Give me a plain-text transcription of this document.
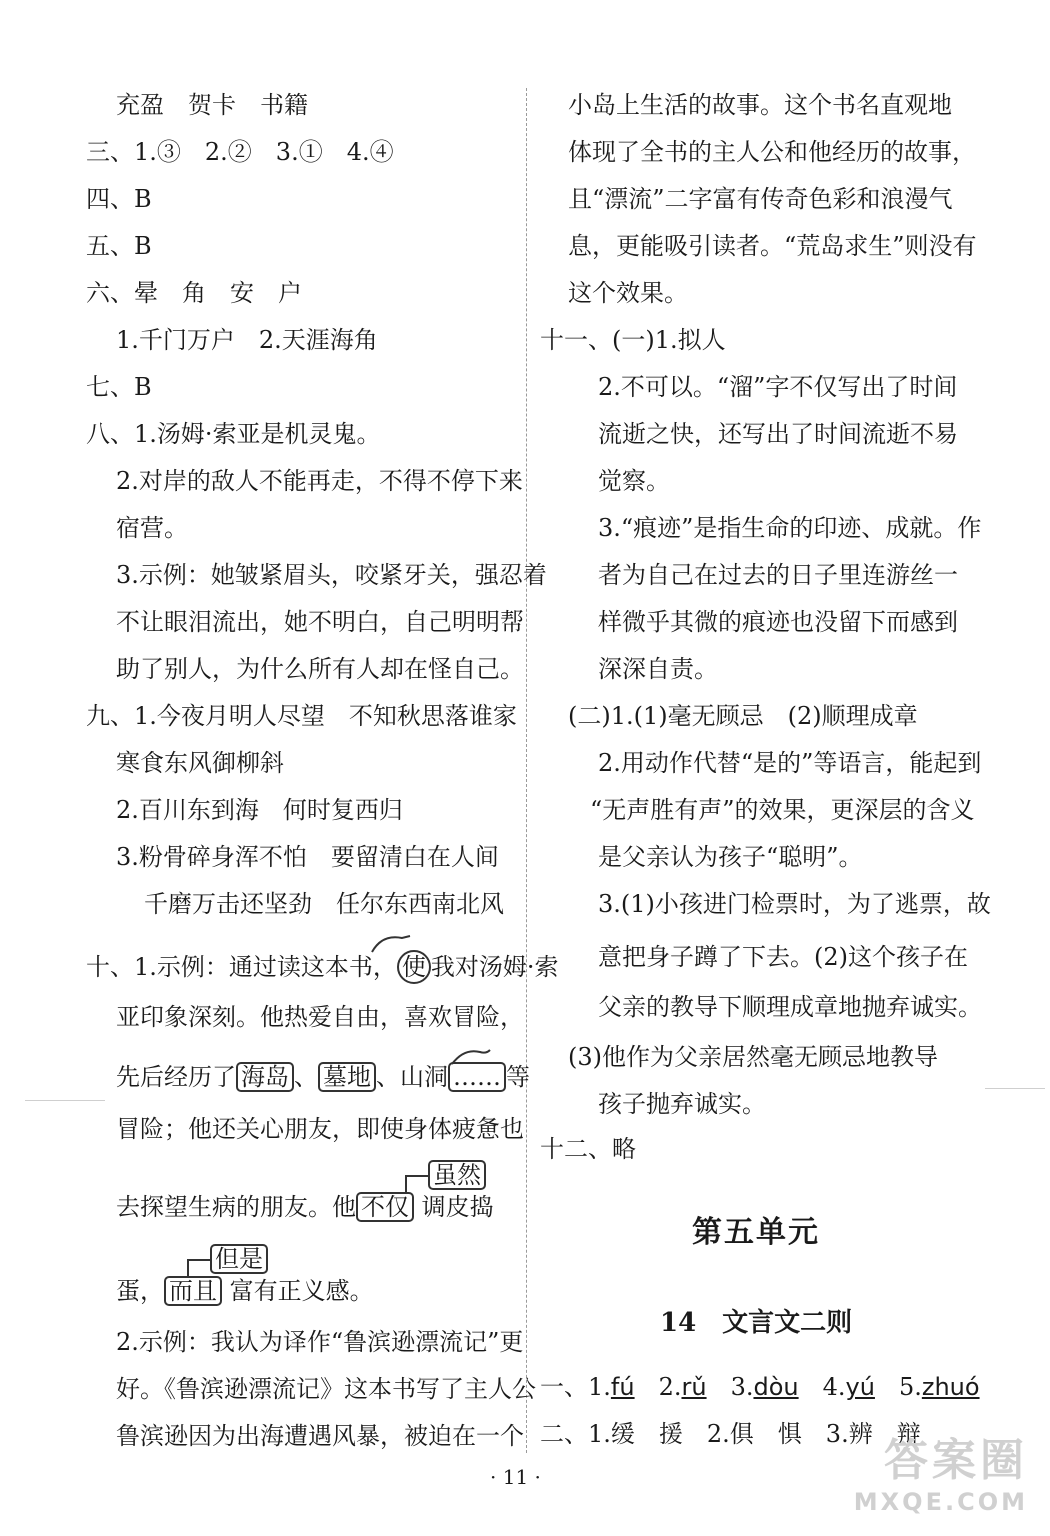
充盈　贺卡　书籍
三、1.③　2.②　3.①　4.④
四、B
五、B
六、晕　角　安　户
1.千门万户　2.天涯海角
七、B
八、1.汤姆·索亚是机灵鬼。
2.对岸的敌人不能再走，不得不停下来
宿营。
3.示例：她皱紧眉头，咬紧牙关，强忍着
不让眼泪流出，她不明白，自己明明帮
助了别人，为什么所有人却在怪自己。
九、1.今夜月明人尽望　不知秋思落谁家
寒食东风御柳斜
2.百川东到海　何时复西归
3.粉骨碎身浑不怕　要留清白在人间
千磨万击还坚劲　任尔东西南北风
十、1.示例：通过读这本书， 使 我对汤姆·索
亚印象深刻。他热爱自由，喜欢冒险，
先后经历了 海岛 、 墓地 、山洞 …… 等
冒险；他还关心朋友，即使身体疲惫也
虽然
去探望生病的朋友。他 不仅 调皮捣
但是
蛋， 而且 富有正义感。
2.示例：我认为译作“鲁滨逊漂流记”更
好。《鲁滨逊漂流记》这本书写了主人公
鲁滨逊因为出海遭遇风暴，被迫在一个
小岛上生活的故事。这个书名直观地
体现了全书的主人公和他经历的故事，
且“漂流”二字富有传奇色彩和浪漫气
息，更能吸引读者。“荒岛求生”则没有
这个效果。
十一、(一)1.拟人
2.不可以。“溜”字不仅写出了时间
流逝之快，还写出了时间流逝不易
觉察。
3.“痕迹”是指生命的印迹、成就。作
者为自己在过去的日子里连游丝一
样微乎其微的痕迹也没留下而感到
深深自责。
(二)1.(1)毫无顾忌　(2)顺理成章
2.用动作代替“是的”等语言，能起到
“无声胜有声”的效果，更深层的含义
是父亲认为孩子“聪明”。
3.(1)小孩进门检票时，为了逃票，故
意把身子蹲了下去。(2)这个孩子在
父亲的教导下顺理成章地抛弃诚实。
(3)他作为父亲居然毫无顾忌地教导
孩子抛弃诚实。
十二、略
第五单元
14　文言文二则
一、1.fú　 2.rǔ　 3.dòu　 4.yú　 5.zhuó
二、1.缓　援　2.俱　惧　3.辨　辩
· 11 ·	答案圈
MXQE.COM
